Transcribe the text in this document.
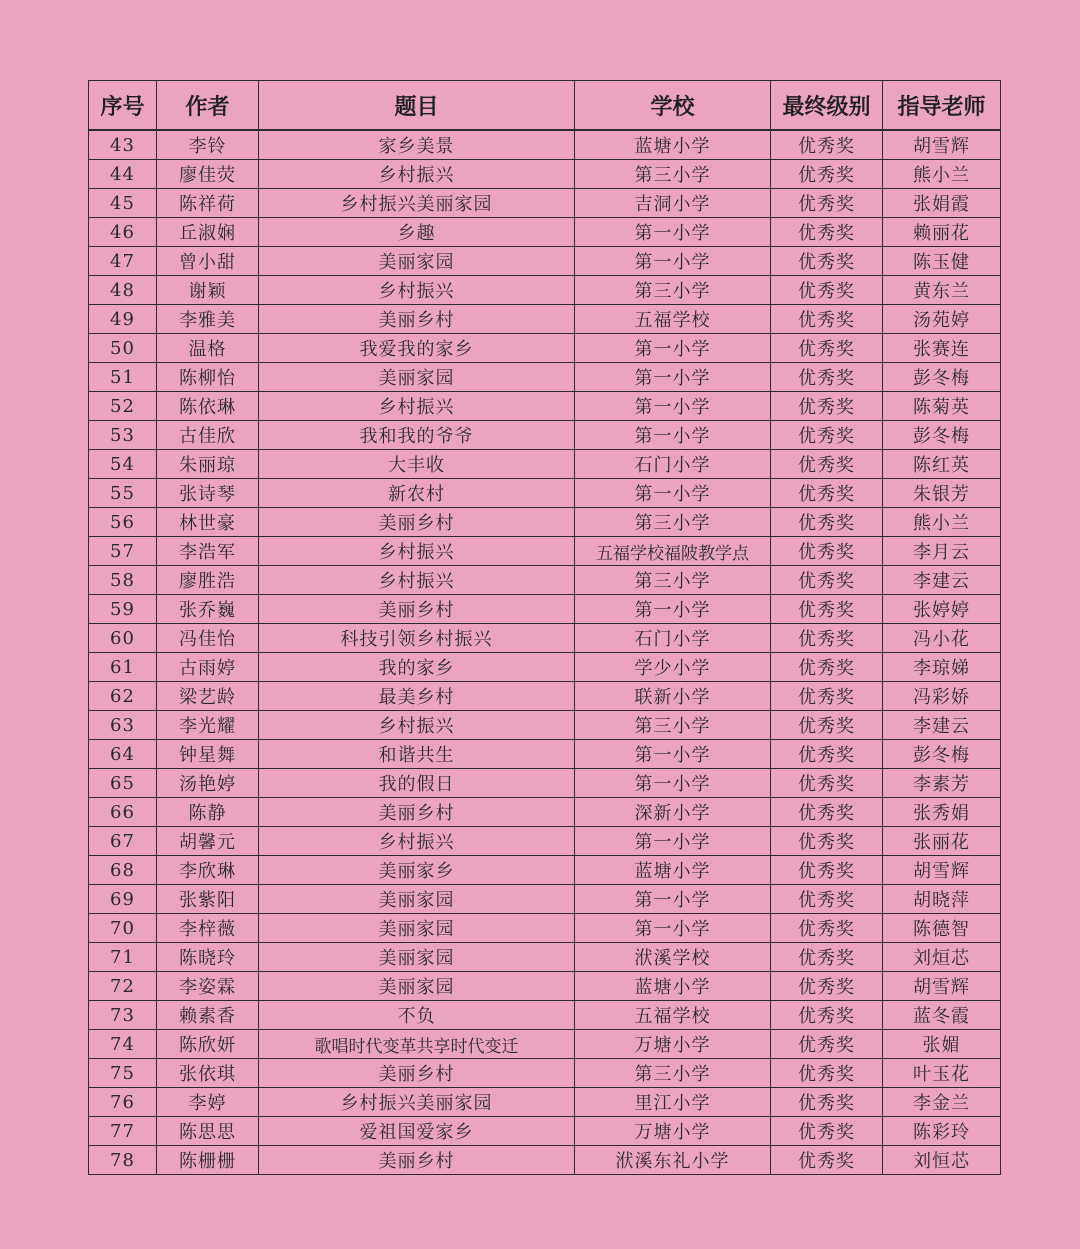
序号	作者	题目	学校	最终级别	指导老师
43	李铃	家乡美景	蓝塘小学	优秀奖	胡雪辉
44	廖佳荧	乡村振兴	第三小学	优秀奖	熊小兰
45	陈祥荷	乡村振兴美丽家园	吉洞小学	优秀奖	张娟霞
46	丘淑娴	乡趣	第一小学	优秀奖	赖丽花
47	曾小甜	美丽家园	第一小学	优秀奖	陈玉健
48	谢颖	乡村振兴	第三小学	优秀奖	黄东兰
49	李雅美	美丽乡村	五福学校	优秀奖	汤苑婷
50	温格	我爱我的家乡	第一小学	优秀奖	张赛连
51	陈柳怡	美丽家园	第一小学	优秀奖	彭冬梅
52	陈依琳	乡村振兴	第一小学	优秀奖	陈菊英
53	古佳欣	我和我的爷爷	第一小学	优秀奖	彭冬梅
54	朱丽琼	大丰收	石门小学	优秀奖	陈红英
55	张诗琴	新农村	第一小学	优秀奖	朱银芳
56	林世豪	美丽乡村	第三小学	优秀奖	熊小兰
57	李浩军	乡村振兴	五福学校福陂教学点	优秀奖	李月云
58	廖胜浩	乡村振兴	第三小学	优秀奖	李建云
59	张乔巍	美丽乡村	第一小学	优秀奖	张婷婷
60	冯佳怡	科技引领乡村振兴	石门小学	优秀奖	冯小花
61	古雨婷	我的家乡	学少小学	优秀奖	李琼娣
62	梁艺龄	最美乡村	联新小学	优秀奖	冯彩娇
63	李光耀	乡村振兴	第三小学	优秀奖	李建云
64	钟星舞	和谐共生	第一小学	优秀奖	彭冬梅
65	汤艳婷	我的假日	第一小学	优秀奖	李素芳
66	陈静	美丽乡村	深新小学	优秀奖	张秀娟
67	胡馨元	乡村振兴	第一小学	优秀奖	张丽花
68	李欣琳	美丽家乡	蓝塘小学	优秀奖	胡雪辉
69	张紫阳	美丽家园	第一小学	优秀奖	胡晓萍
70	李梓薇	美丽家园	第一小学	优秀奖	陈德智
71	陈晓玲	美丽家园	洑溪学校	优秀奖	刘烜芯
72	李姿霖	美丽家园	蓝塘小学	优秀奖	胡雪辉
73	赖素香	不负	五福学校	优秀奖	蓝冬霞
74	陈欣妍	歌唱时代变革共享时代变迁	万塘小学	优秀奖	张媚
75	张依琪	美丽乡村	第三小学	优秀奖	叶玉花
76	李婷	乡村振兴美丽家园	里江小学	优秀奖	李金兰
77	陈思思	爱祖国爱家乡	万塘小学	优秀奖	陈彩玲
78	陈栅栅	美丽乡村	洑溪东礼小学	优秀奖	刘恒芯
